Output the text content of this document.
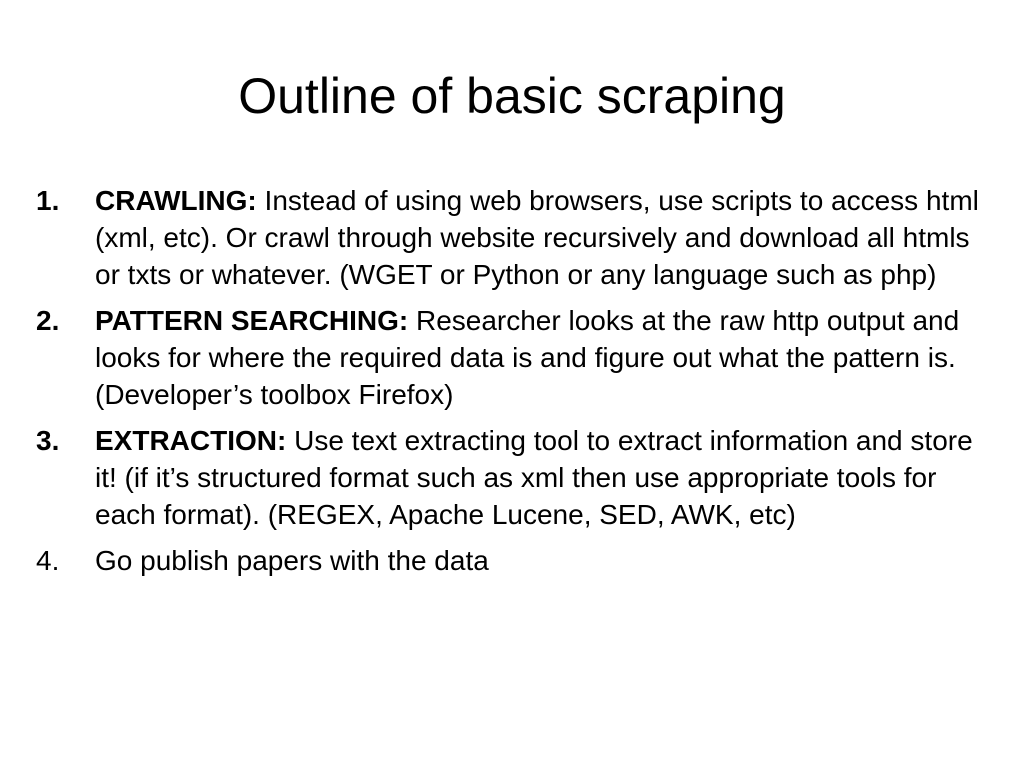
Outline of basic scraping
1.	CRAWLING: Instead of using web browsers, use scripts to access html (xml, etc). Or crawl through website recursively and download all htmls or txts or whatever. (WGET or Python or any language such as php)
2.	PATTERN SEARCHING: Researcher looks at the raw http output and looks for where the required data is and figure out what the pattern is. (Developer’s toolbox Firefox)
3.	EXTRACTION: Use text extracting tool to extract information and store it! (if it’s structured format such as xml then use appropriate tools for each format). (REGEX, Apache Lucene, SED, AWK, etc)
4.	Go publish papers with the data
